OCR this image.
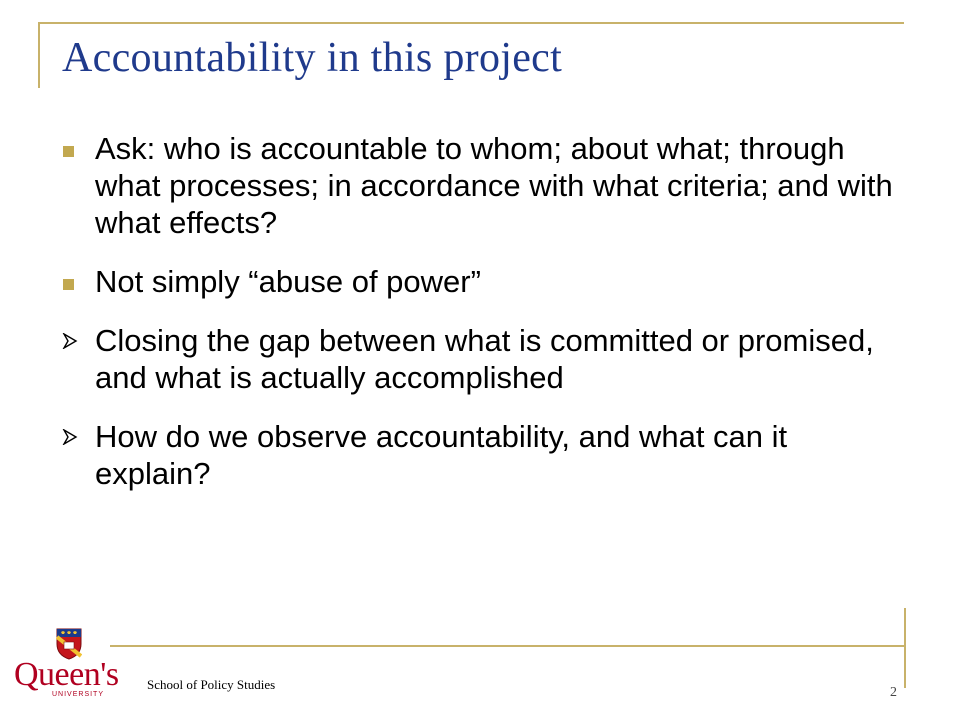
Accountability in this project
Ask: who is accountable to whom; about what; through what processes; in accordance with what criteria; and with what effects?
Not simply “abuse of power”
Closing the gap between what is committed or promised, and what is actually accomplished
How do we observe accountability, and what can it explain?
Queen's
UNIVERSITY
School of Policy Studies
2
